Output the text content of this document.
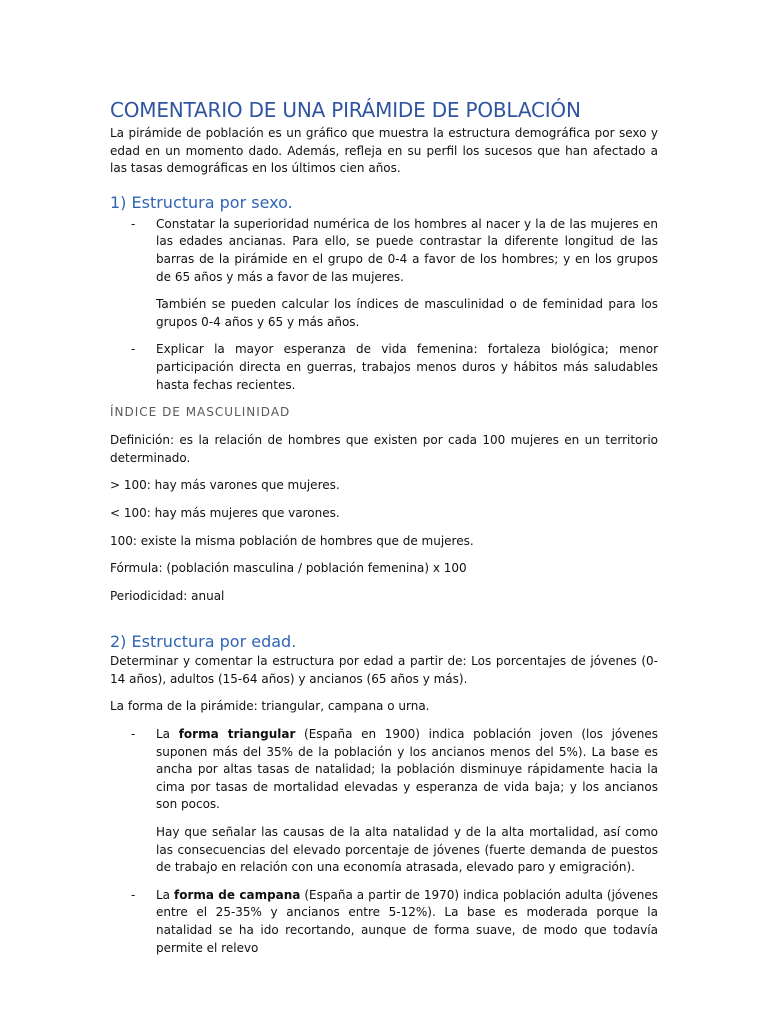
COMENTARIO DE UNA PIRÁMIDE DE POBLACIÓN

La pirámide de población es un gráfico que muestra la estructura demográfica por sexo y edad en un momento dado. Además, refleja en su perfil los sucesos que han afectado a las tasas demográficas en los últimos cien años.

1) Estructura por sexo.
- Constatar la superioridad numérica de los hombres al nacer y la de las mujeres en las edades ancianas. Para ello, se puede contrastar la diferente longitud de las barras de la pirámide en el grupo de 0-4 a favor de los hombres; y en los grupos de 65 años y más a favor de las mujeres.

También se pueden calcular los índices de masculinidad o de feminidad para los grupos 0-4 años y 65 y más años.

- Explicar la mayor esperanza de vida femenina: fortaleza biológica; menor participación directa en guerras, trabajos menos duros y hábitos más saludables hasta fechas recientes.

ÍNDICE DE MASCULINIDAD

Definición: es la relación de hombres que existen por cada 100 mujeres en un territorio determinado.

> 100: hay más varones que mujeres.

< 100: hay más mujeres que varones.

100: existe la misma población de hombres que de mujeres.

Fórmula: (población masculina / población femenina) x 100

Periodicidad: anual

2) Estructura por edad.

Determinar y comentar la estructura por edad a partir de: Los porcentajes de jóvenes (0-14 años), adultos (15-64 años) y ancianos (65 años y más).

La forma de la pirámide: triangular, campana o urna.

- La forma triangular (España en 1900) indica población joven (los jóvenes suponen más del 35% de la población y los ancianos menos del 5%). La base es ancha por altas tasas de natalidad; la población disminuye rápidamente hacia la cima por tasas de mortalidad elevadas y esperanza de vida baja; y los ancianos son pocos.

Hay que señalar las causas de la alta natalidad y de la alta mortalidad, así como las consecuencias del elevado porcentaje de jóvenes (fuerte demanda de puestos de trabajo en relación con una economía atrasada, elevado paro y emigración).

- La forma de campana (España a partir de 1970) indica población adulta (jóvenes entre el 25-35% y ancianos entre 5-12%). La base es moderada porque la natalidad se ha ido recortando, aunque de forma suave, de modo que todavía permite el relevo
